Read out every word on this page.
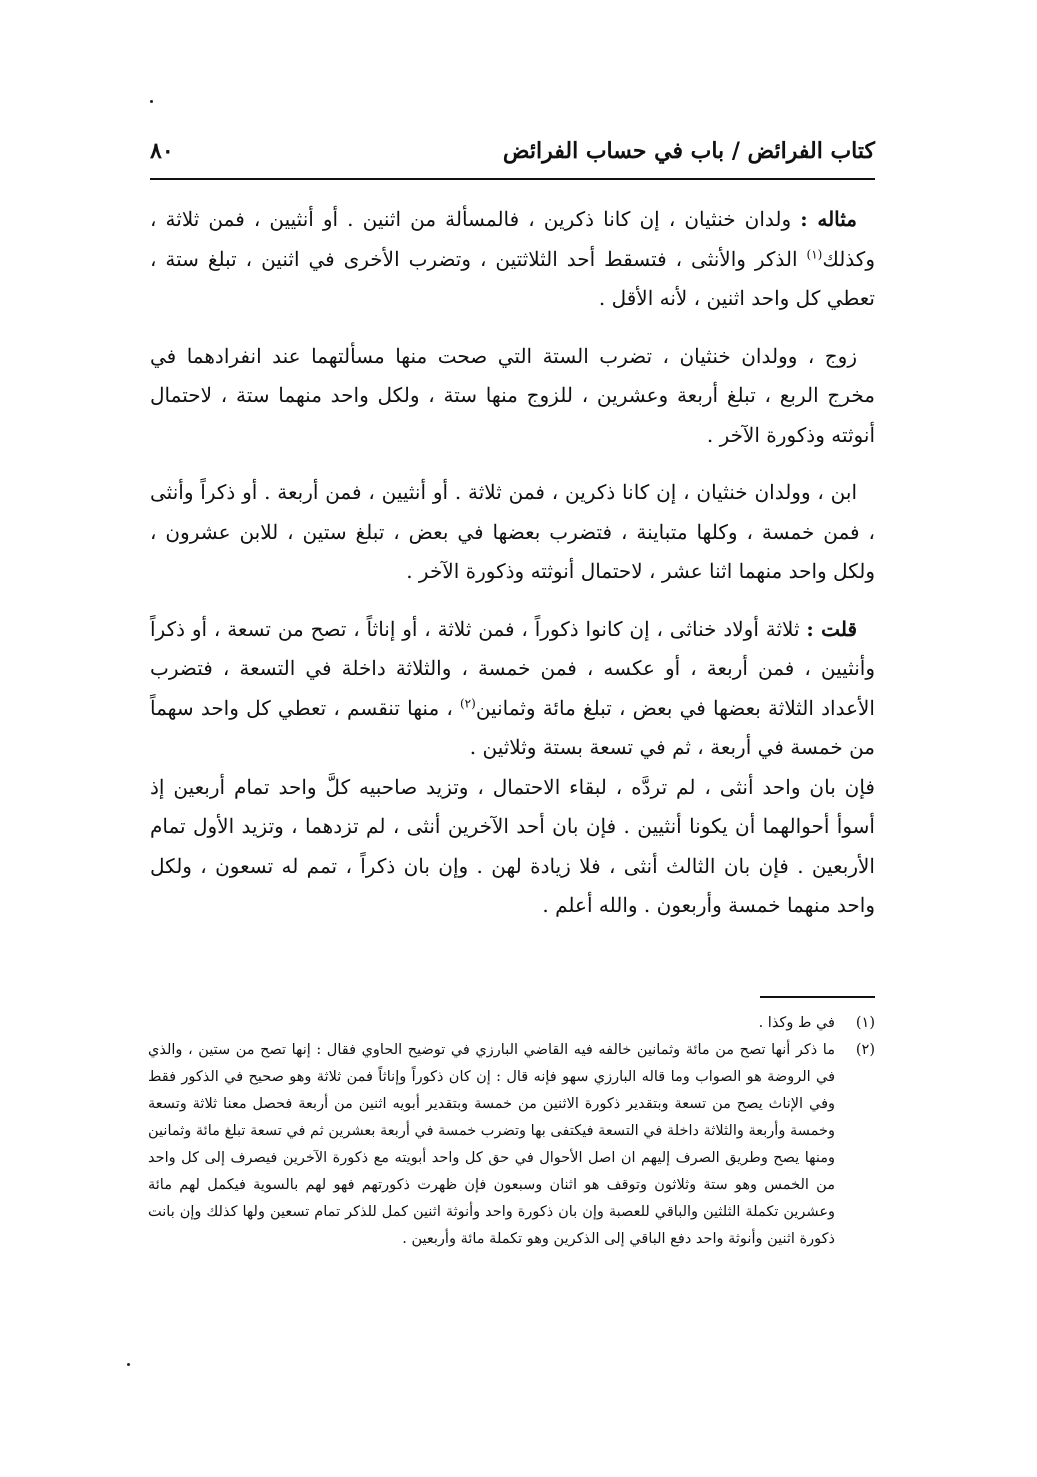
كتاب الفرائض / باب في حساب الفرائض
٨٠

مثاله : ولدان خنثيان ، إن كانا ذكرين ، فالمسألة من اثنين . أو أنثيين ، فمن ثلاثة ، وكذلك$^{(١)}$ الذكر والأنثى ، فتسقط أحد الثلاثتين ، وتضرب الأخرى في اثنين ، تبلغ ستة ، تعطي كل واحد اثنين ، لأنه الأقل .

زوج ، وولدان خنثيان ، تضرب الستة التي صحت منها مسألتهما عند انفرادهما في مخرج الربع ، تبلغ أربعة وعشرين ، للزوج منها ستة ، ولكل واحد منهما ستة ، لاحتمال أنوثته وذكورة الآخر .

ابن ، وولدان خنثيان ، إن كانا ذكرين ، فمن ثلاثة . أو أنثيين ، فمن أربعة . أو ذكراً وأنثى ، فمن خمسة ، وكلها متباينة ، فتضرب بعضها في بعض ، تبلغ ستين ، للابن عشرون ، ولكل واحد منهما اثنا عشر ، لاحتمال أنوثته وذكورة الآخر .

قلت : ثلاثة أولاد خناثى ، إن كانوا ذكوراً ، فمن ثلاثة ، أو إناثاً ، تصح من تسعة ، أو ذكراً وأنثيين ، فمن أربعة ، أو عكسه ، فمن خمسة ، والثلاثة داخلة في التسعة ، فتضرب الأعداد الثلاثة بعضها في بعض ، تبلغ مائة وثمانين$^{(٢)}$ ، منها تنقسم ، تعطي كل واحد سهماً من خمسة في أربعة ، ثم في تسعة بستة وثلاثين .

فإن بان واحد أنثى ، لم تردَّه ، لبقاء الاحتمال ، وتزيد صاحبيه كلَّ واحد تمام أربعين إذ أسوأ أحوالهما أن يكونا أنثيين . فإن بان أحد الآخرين أنثى ، لم تزدهما ، وتزيد الأول تمام الأربعين . فإن بان الثالث أنثى ، فلا زيادة لهن . وإن بان ذكراً ، تمم له تسعون ، ولكل واحد منهما خمسة وأربعون . والله أعلم .

(١)
في ط وكذا .
(٢)
ما ذكر أنها تصح من مائة وثمانين خالفه فيه القاضي البارزي في توضيح الحاوي فقال : إنها تصح من ستين ، والذي في الروضة هو الصواب وما قاله البارزي سهو فإنه قال : إن كان ذكوراً وإناثاً فمن ثلاثة وهو صحيح في الذكور فقط وفي الإناث يصح من تسعة وبتقدير ذكورة الاثنين من خمسة وبتقدير أبويه اثنين من أربعة فحصل معنا ثلاثة وتسعة وخمسة وأربعة والثلاثة داخلة في التسعة فيكتفى بها وتضرب خمسة في أربعة بعشرين ثم في تسعة تبلغ مائة وثمانين ومنها يصح وطريق الصرف إليهم ان اصل الأحوال في حق كل واحد أبويته مع ذكورة الآخرين فيصرف إلى كل واحد من الخمس وهو ستة وثلاثون وتوقف هو اثنان وسبعون فإن ظهرت ذكورتهم فهو لهم بالسوية فيكمل لهم مائة وعشرين تكملة الثلثين والباقي للعصبة وإن بان ذكورة واحد وأنوثة اثنين كمل للذكر تمام تسعين ولها كذلك وإن بانت ذكورة اثنين وأنوثة واحد دفع الباقي إلى الذكرين وهو تكملة مائة وأربعين .
